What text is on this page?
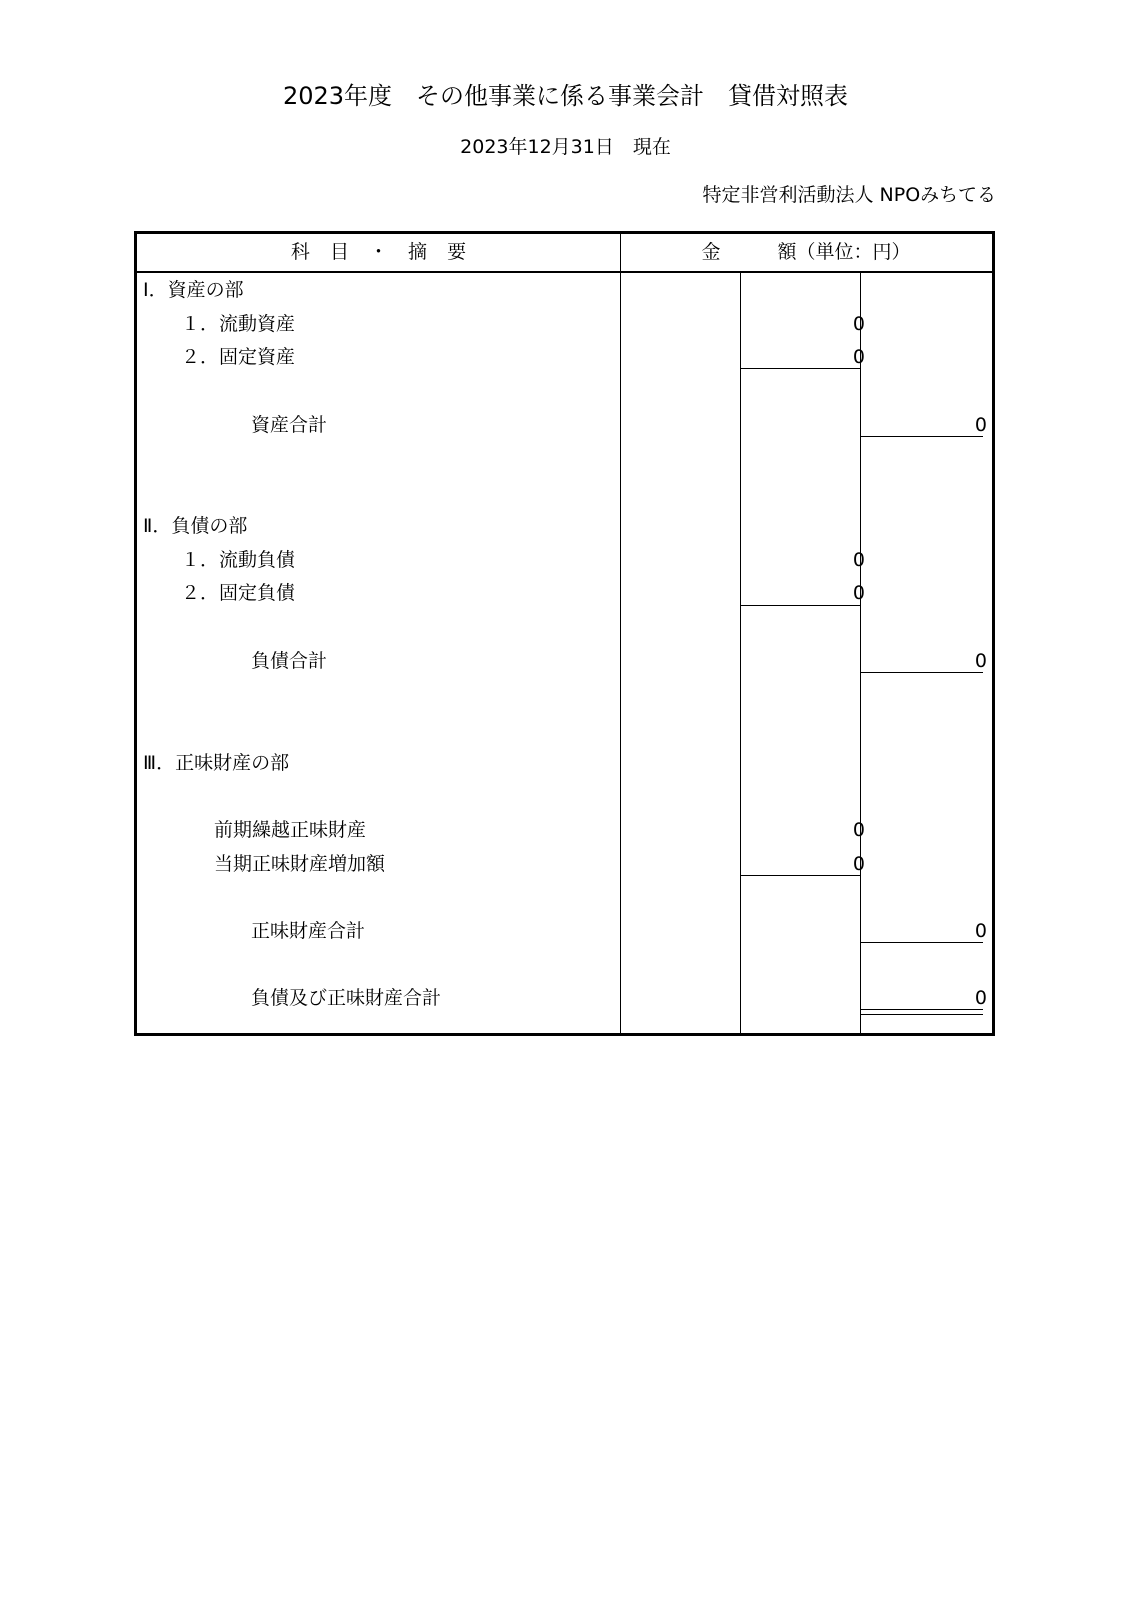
2023年度　その他事業に係る事業会計　貸借対照表
2023年12月31日　現在
特定非営利活動法人 NPOみちてる
科 目 ・ 摘 要	金　　　額（単位：円）
Ⅰ．資産の部
１．流動資産	0
２．固定資産	0
資産合計	0
Ⅱ．負債の部
１．流動負債	0
２．固定負債	0
負債合計	0
Ⅲ．正味財産の部
前期繰越正味財産	0
当期正味財産増加額	0
正味財産合計	0
負債及び正味財産合計	0
